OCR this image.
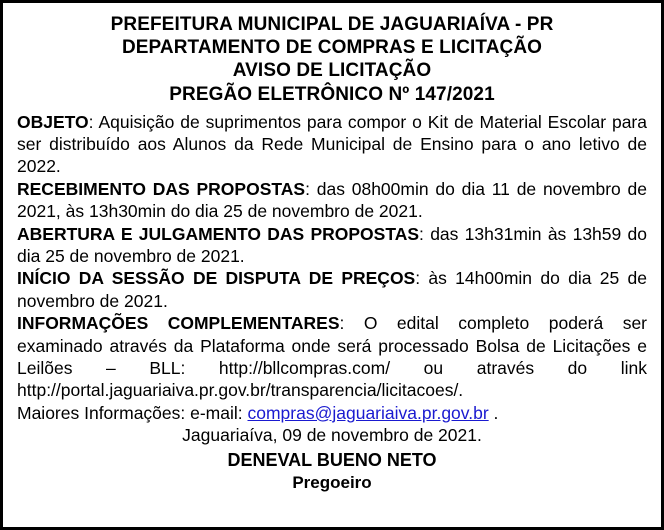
PREFEITURA MUNICIPAL DE JAGUARIAÍVA - PR
DEPARTAMENTO DE COMPRAS E LICITAÇÃO
AVISO DE LICITAÇÃO
PREGÃO ELETRÔNICO Nº 147/2021

OBJETO: Aquisição de suprimentos para compor o Kit de Material Escolar para ser distribuído aos Alunos da Rede Municipal de Ensino para o ano letivo de 2022.

RECEBIMENTO DAS PROPOSTAS: das 08h00min do dia 11 de novembro de 2021, às 13h30min do dia 25 de novembro de 2021.

ABERTURA E JULGAMENTO DAS PROPOSTAS: das 13h31min às 13h59 do dia 25 de novembro de 2021.

INÍCIO DA SESSÃO DE DISPUTA DE PREÇOS: às 14h00min do dia 25 de novembro de 2021.

INFORMAÇÕES COMPLEMENTARES: O edital completo poderá ser examinado através da Plataforma onde será processado Bolsa de Licitações e Leilões – BLL: http://bllcompras.com/ ou através do link http://portal.jaguariaiva.pr.gov.br/transparencia/licitacoes/.

Maiores Informações: e-mail: compras@jaguariaiva.pr.gov.br .

Jaguariaíva, 09 de novembro de 2021.
DENEVAL BUENO NETO
Pregoeiro
